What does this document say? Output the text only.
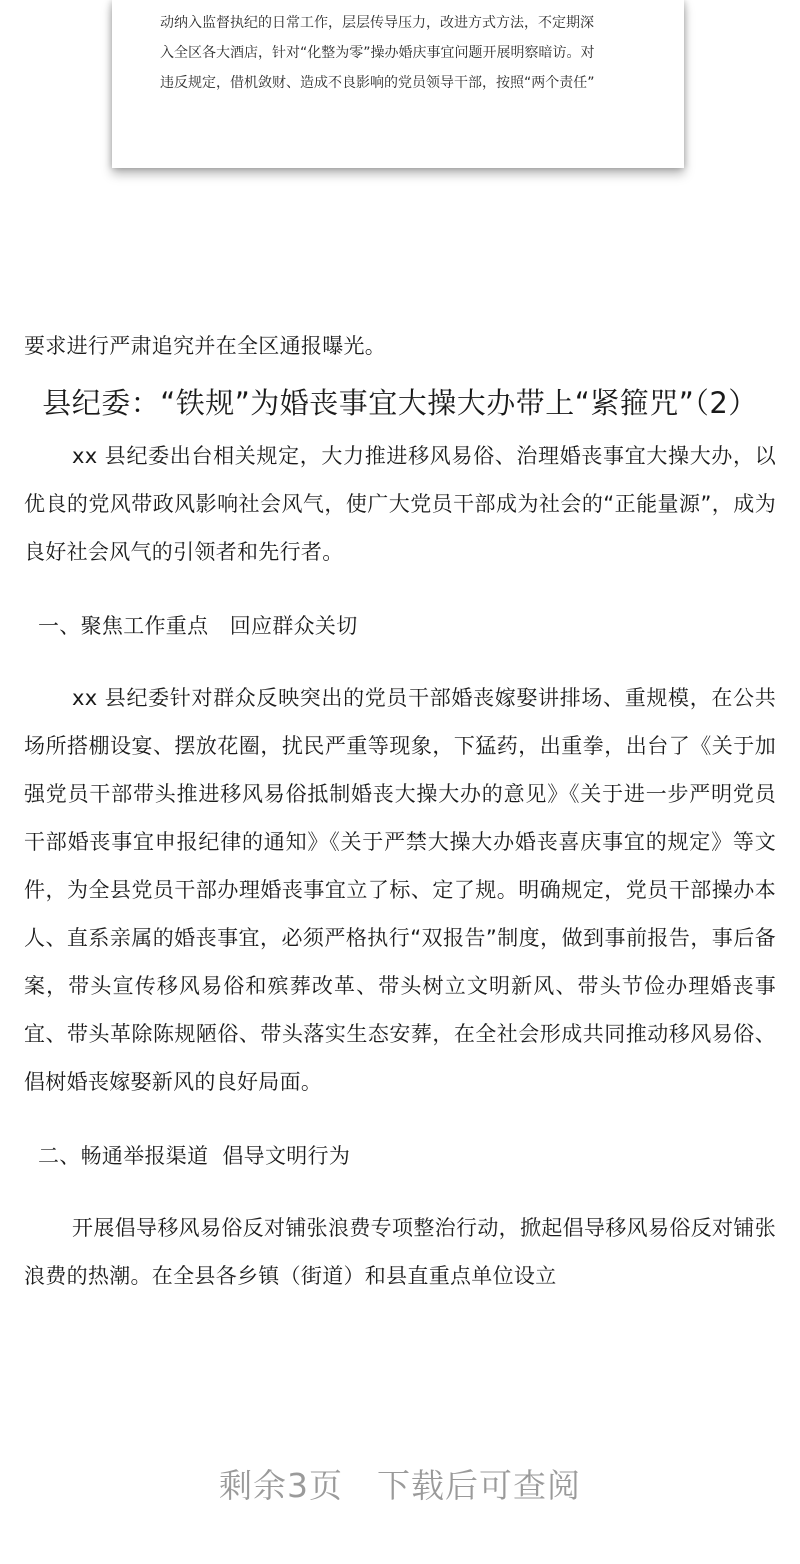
动纳入监督执纪的日常工作，层层传导压力，改进方式方法，不定期深
入全区各大酒店，针对“化整为零”操办婚庆事宜问题开展明察暗访。对
违反规定，借机敛财、造成不良影响的党员领导干部，按照“两个责任”

要求进行严肃追究并在全区通报曝光。

县纪委：“铁规”为婚丧事宜大操大办带上“紧箍咒”（2）

xx 县纪委出台相关规定，大力推进移风易俗、治理婚丧事宜大操大办，以优良的党风带政风影响社会风气，使广大党员干部成为社会的“正能量源”，成为良好社会风气的引领者和先行者。

一、聚焦工作重点　回应群众关切

xx 县纪委针对群众反映突出的党员干部婚丧嫁娶讲排场、重规模，在公共场所搭棚设宴、摆放花圈，扰民严重等现象，下猛药，出重拳，出台了《关于加强党员干部带头推进移风易俗抵制婚丧大操大办的意见》《关于进一步严明党员干部婚丧事宜申报纪律的通知》《关于严禁大操大办婚丧喜庆事宜的规定》等文件，为全县党员干部办理婚丧事宜立了标、定了规。明确规定，党员干部操办本人、直系亲属的婚丧事宜，必须严格执行“双报告”制度，做到事前报告，事后备案，带头宣传移风易俗和殡葬改革、带头树立文明新风、带头节俭办理婚丧事宜、带头革除陈规陋俗、带头落实生态安葬，在全社会形成共同推动移风易俗、倡树婚丧嫁娶新风的良好局面。

二、畅通举报渠道  倡导文明行为

开展倡导移风易俗反对铺张浪费专项整治行动，掀起倡导移风易俗反对铺张浪费的热潮。在全县各乡镇（街道）和县直重点单位设立

剩余3页　下载后可查阅
